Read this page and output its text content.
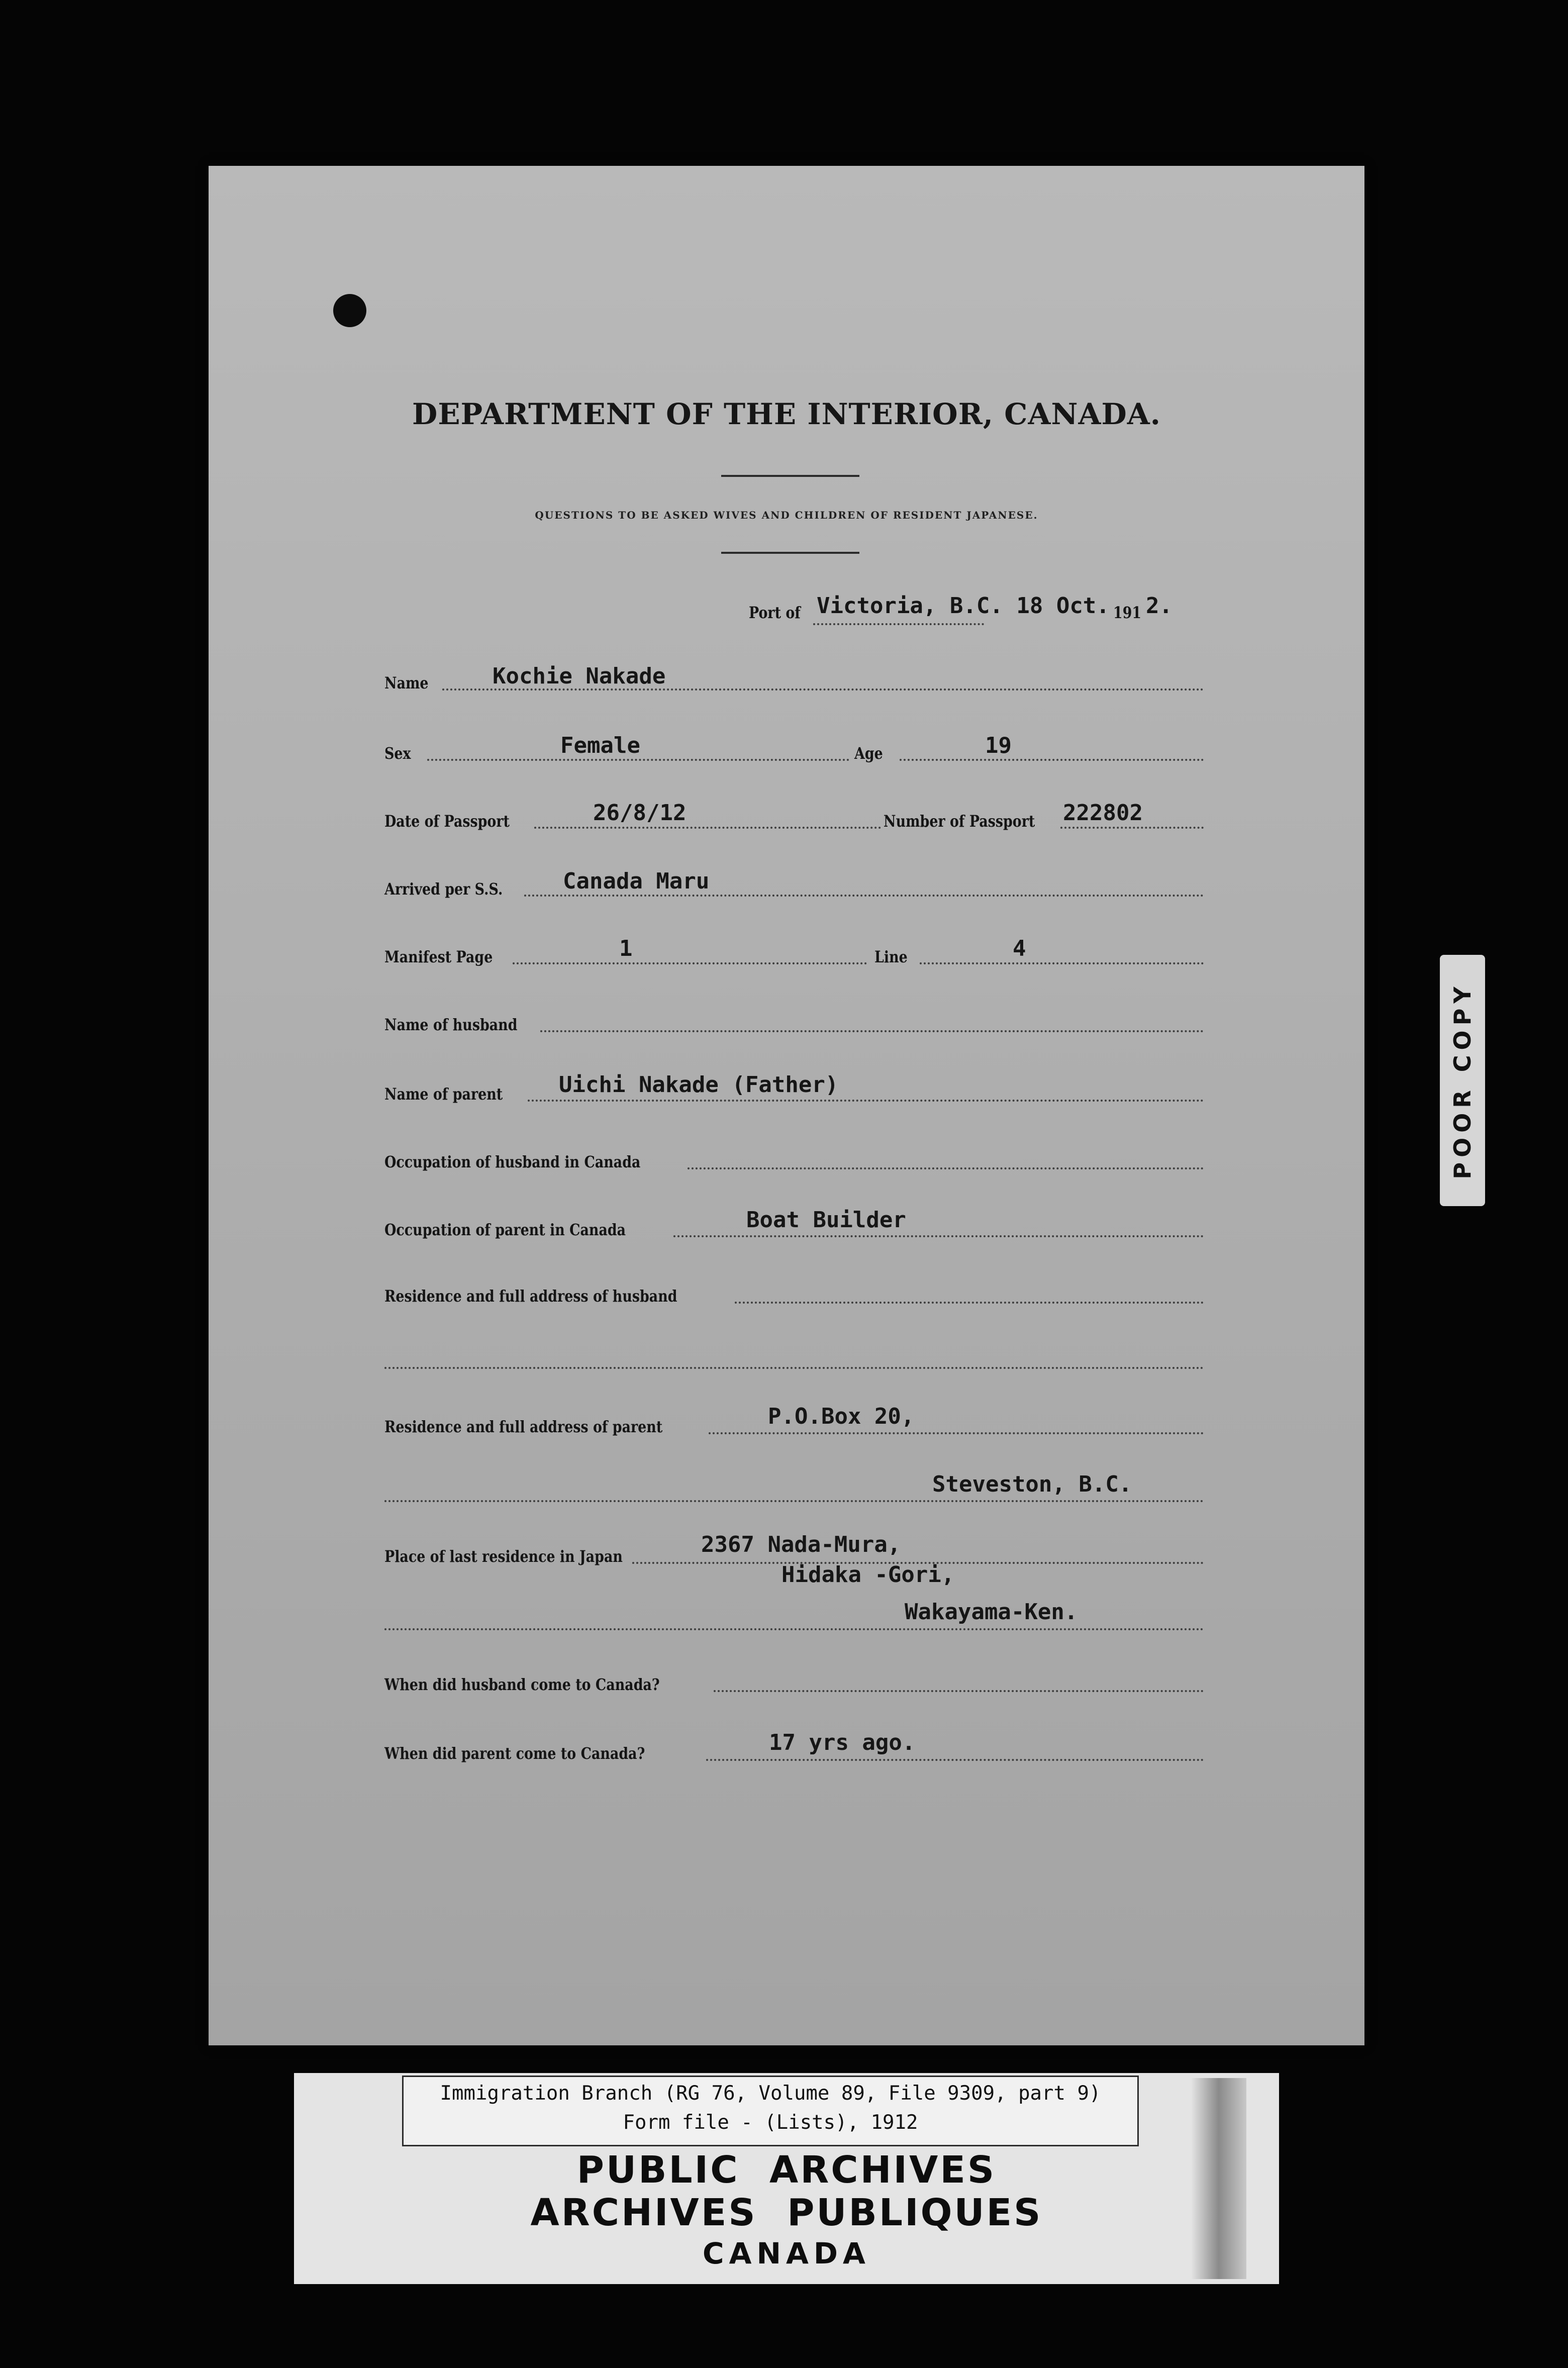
DEPARTMENT OF THE INTERIOR, CANADA.
QUESTIONS TO BE ASKED WIVES AND CHILDREN OF RESIDENT JAPANESE.
Port of Victoria, B.C. 18 Oct. 191 2.
Name	Kochie Nakade
Sex	Female	Age	19
Date of Passport	26/8/12	Number of Passport 222802
Arrived per S.S.	Canada Maru
Manifest Page	1	Line	4
Name of husband
Name of parent	Uichi Nakade (Father)
Occupation of husband in Canada
Occupation of parent in Canada	Boat Builder
Residence and full address of husband
Residence and full address of parent	P.O.Box 20,
Steveston, B.C.
Place of last residence in Japan	2367 Nada-Mura,
Hidaka -Gori,
Wakayama-Ken.
When did husband come to Canada?
When did parent come to Canada?	17 yrs ago.
POOR COPY
Immigration Branch (RG 76, Volume 89, File 9309, part 9)
Form file - (Lists), 1912
PUBLIC  ARCHIVES
ARCHIVES  PUBLIQUES
CANADA
